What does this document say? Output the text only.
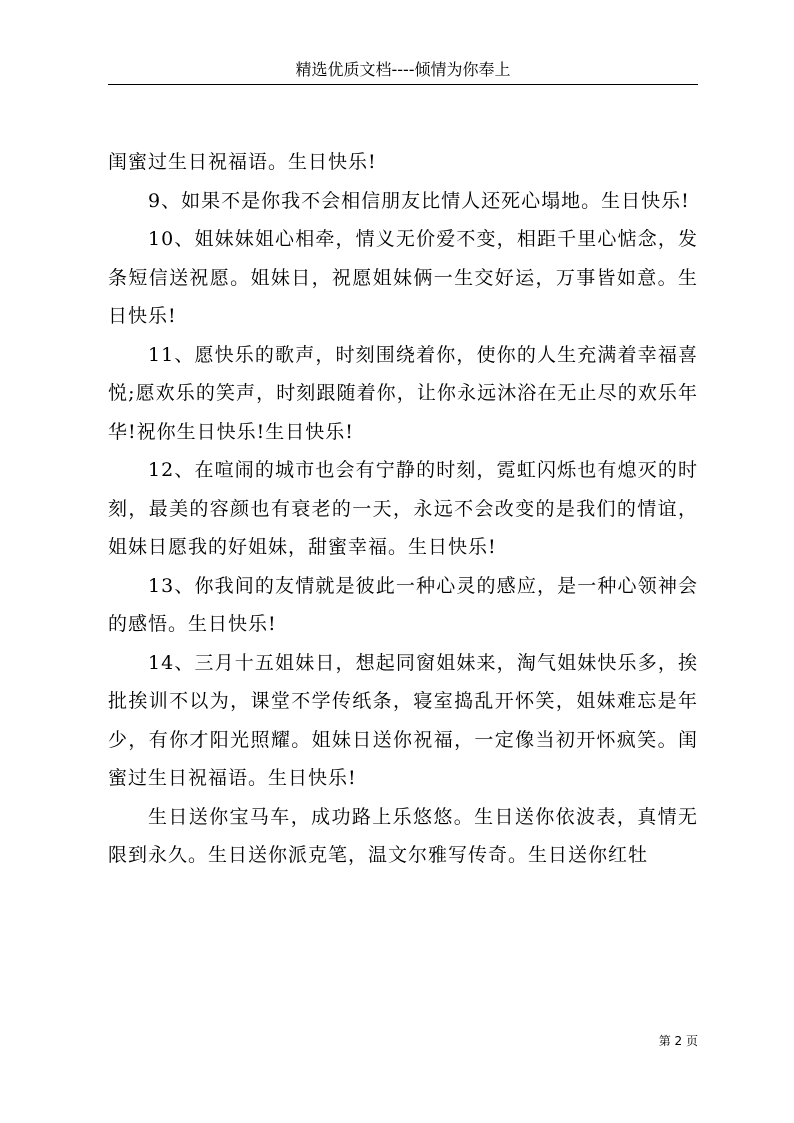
精选优质文档----倾情为你奉上

闺蜜过生日祝福语。生日快乐!

9、如果不是你我不会相信朋友比情人还死心塌地。生日快乐!

10、姐妹妹姐心相牵，情义无价爱不变，相距千里心惦念，发条短信送祝愿。姐妹日，祝愿姐妹俩一生交好运，万事皆如意。生日快乐!

11、愿快乐的歌声，时刻围绕着你，使你的人生充满着幸福喜悦;愿欢乐的笑声，时刻跟随着你，让你永远沐浴在无止尽的欢乐年华!祝你生日快乐!生日快乐!

12、在喧闹的城市也会有宁静的时刻，霓虹闪烁也有熄灭的时刻，最美的容颜也有衰老的一天，永远不会改变的是我们的情谊，姐妹日愿我的好姐妹，甜蜜幸福。生日快乐!

13、你我间的友情就是彼此一种心灵的感应，是一种心领神会的感悟。生日快乐!

14、三月十五姐妹日，想起同窗姐妹来，淘气姐妹快乐多，挨批挨训不以为，课堂不学传纸条，寝室捣乱开怀笑，姐妹难忘是年少，有你才阳光照耀。姐妹日送你祝福，一定像当初开怀疯笑。闺蜜过生日祝福语。生日快乐!

生日送你宝马车，成功路上乐悠悠。生日送你依波表，真情无限到永久。生日送你派克笔，温文尔雅写传奇。生日送你红牡

第 2 页
